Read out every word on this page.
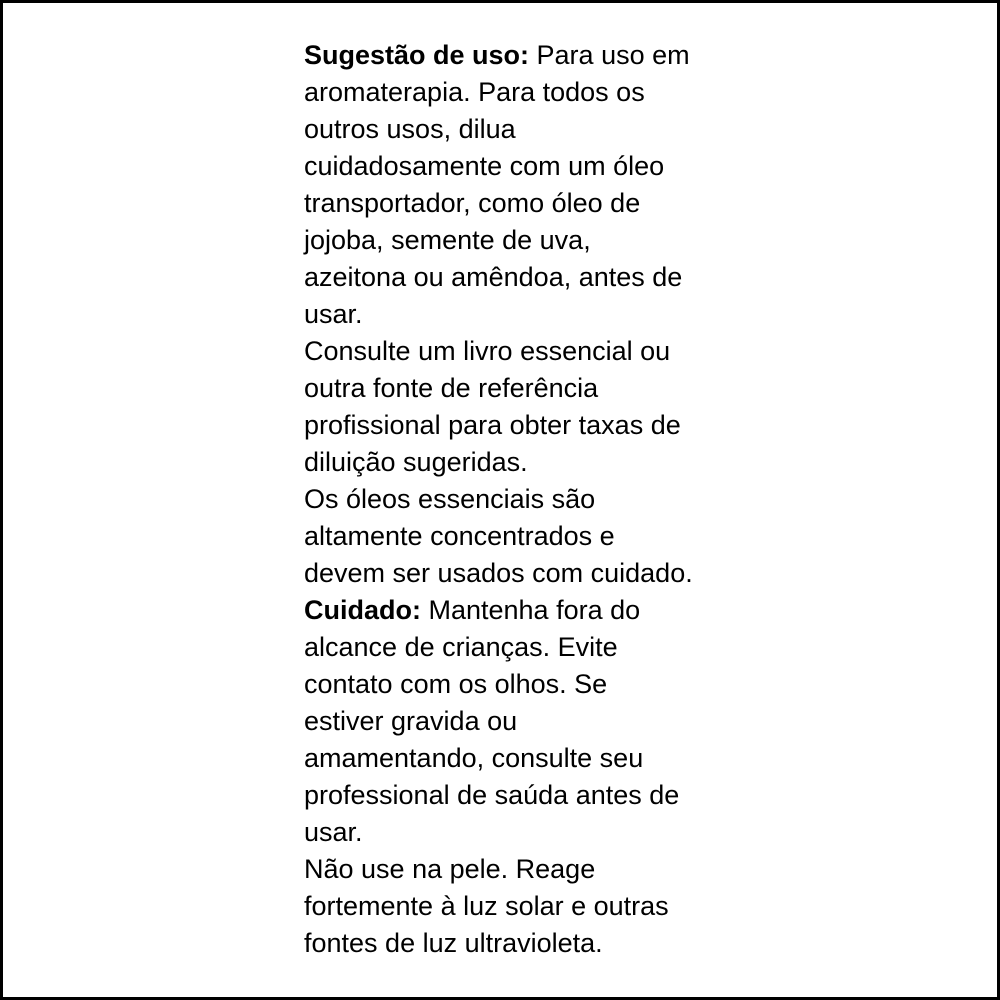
Sugestão de uso: Para uso em
aromaterapia. Para todos os
outros usos, dilua
cuidadosamente com um óleo
transportador, como óleo de
jojoba, semente de uva,
azeitona ou amêndoa, antes de
usar.

Consulte um livro essencial ou
outra fonte de referência
profissional para obter taxas de
diluição sugeridas.

Os óleos essenciais são
altamente concentrados e
devem ser usados com cuidado.

Cuidado: Mantenha fora do
alcance de crianças. Evite
contato com os olhos. Se
estiver gravida ou
amamentando, consulte seu
professional de saúda antes de
usar.

Não use na pele. Reage
fortemente à luz solar e outras
fontes de luz ultravioleta.
